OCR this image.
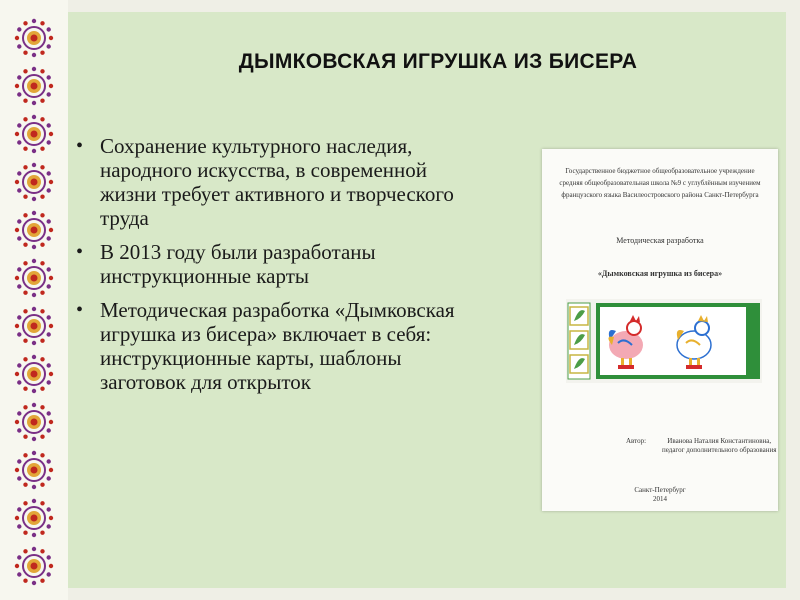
ДЫМКОВСКАЯ ИГРУШКА ИЗ БИСЕРА
• Сохранение культурного наследия,
народного искусства, в современной
жизни требует активного и творческого
труда
• В 2013 году были разработаны
инструкционные карты
• Методическая разработка «Дымковская
игрушка из бисера» включает в себя:
инструкционные карты, шаблоны
заготовок для открыток
Государственное бюджетное общеобразовательное учреждение
средняя общеобразовательная школа №9 с углублённым изучением
французского языка Василеостровского района Санкт-Петербурга
Методическая разработка
«Дымковская игрушка из бисера»
Автор:	Иванова Наталия Константиновна,
педагог дополнительного образования
Санкт-Петербург
2014
